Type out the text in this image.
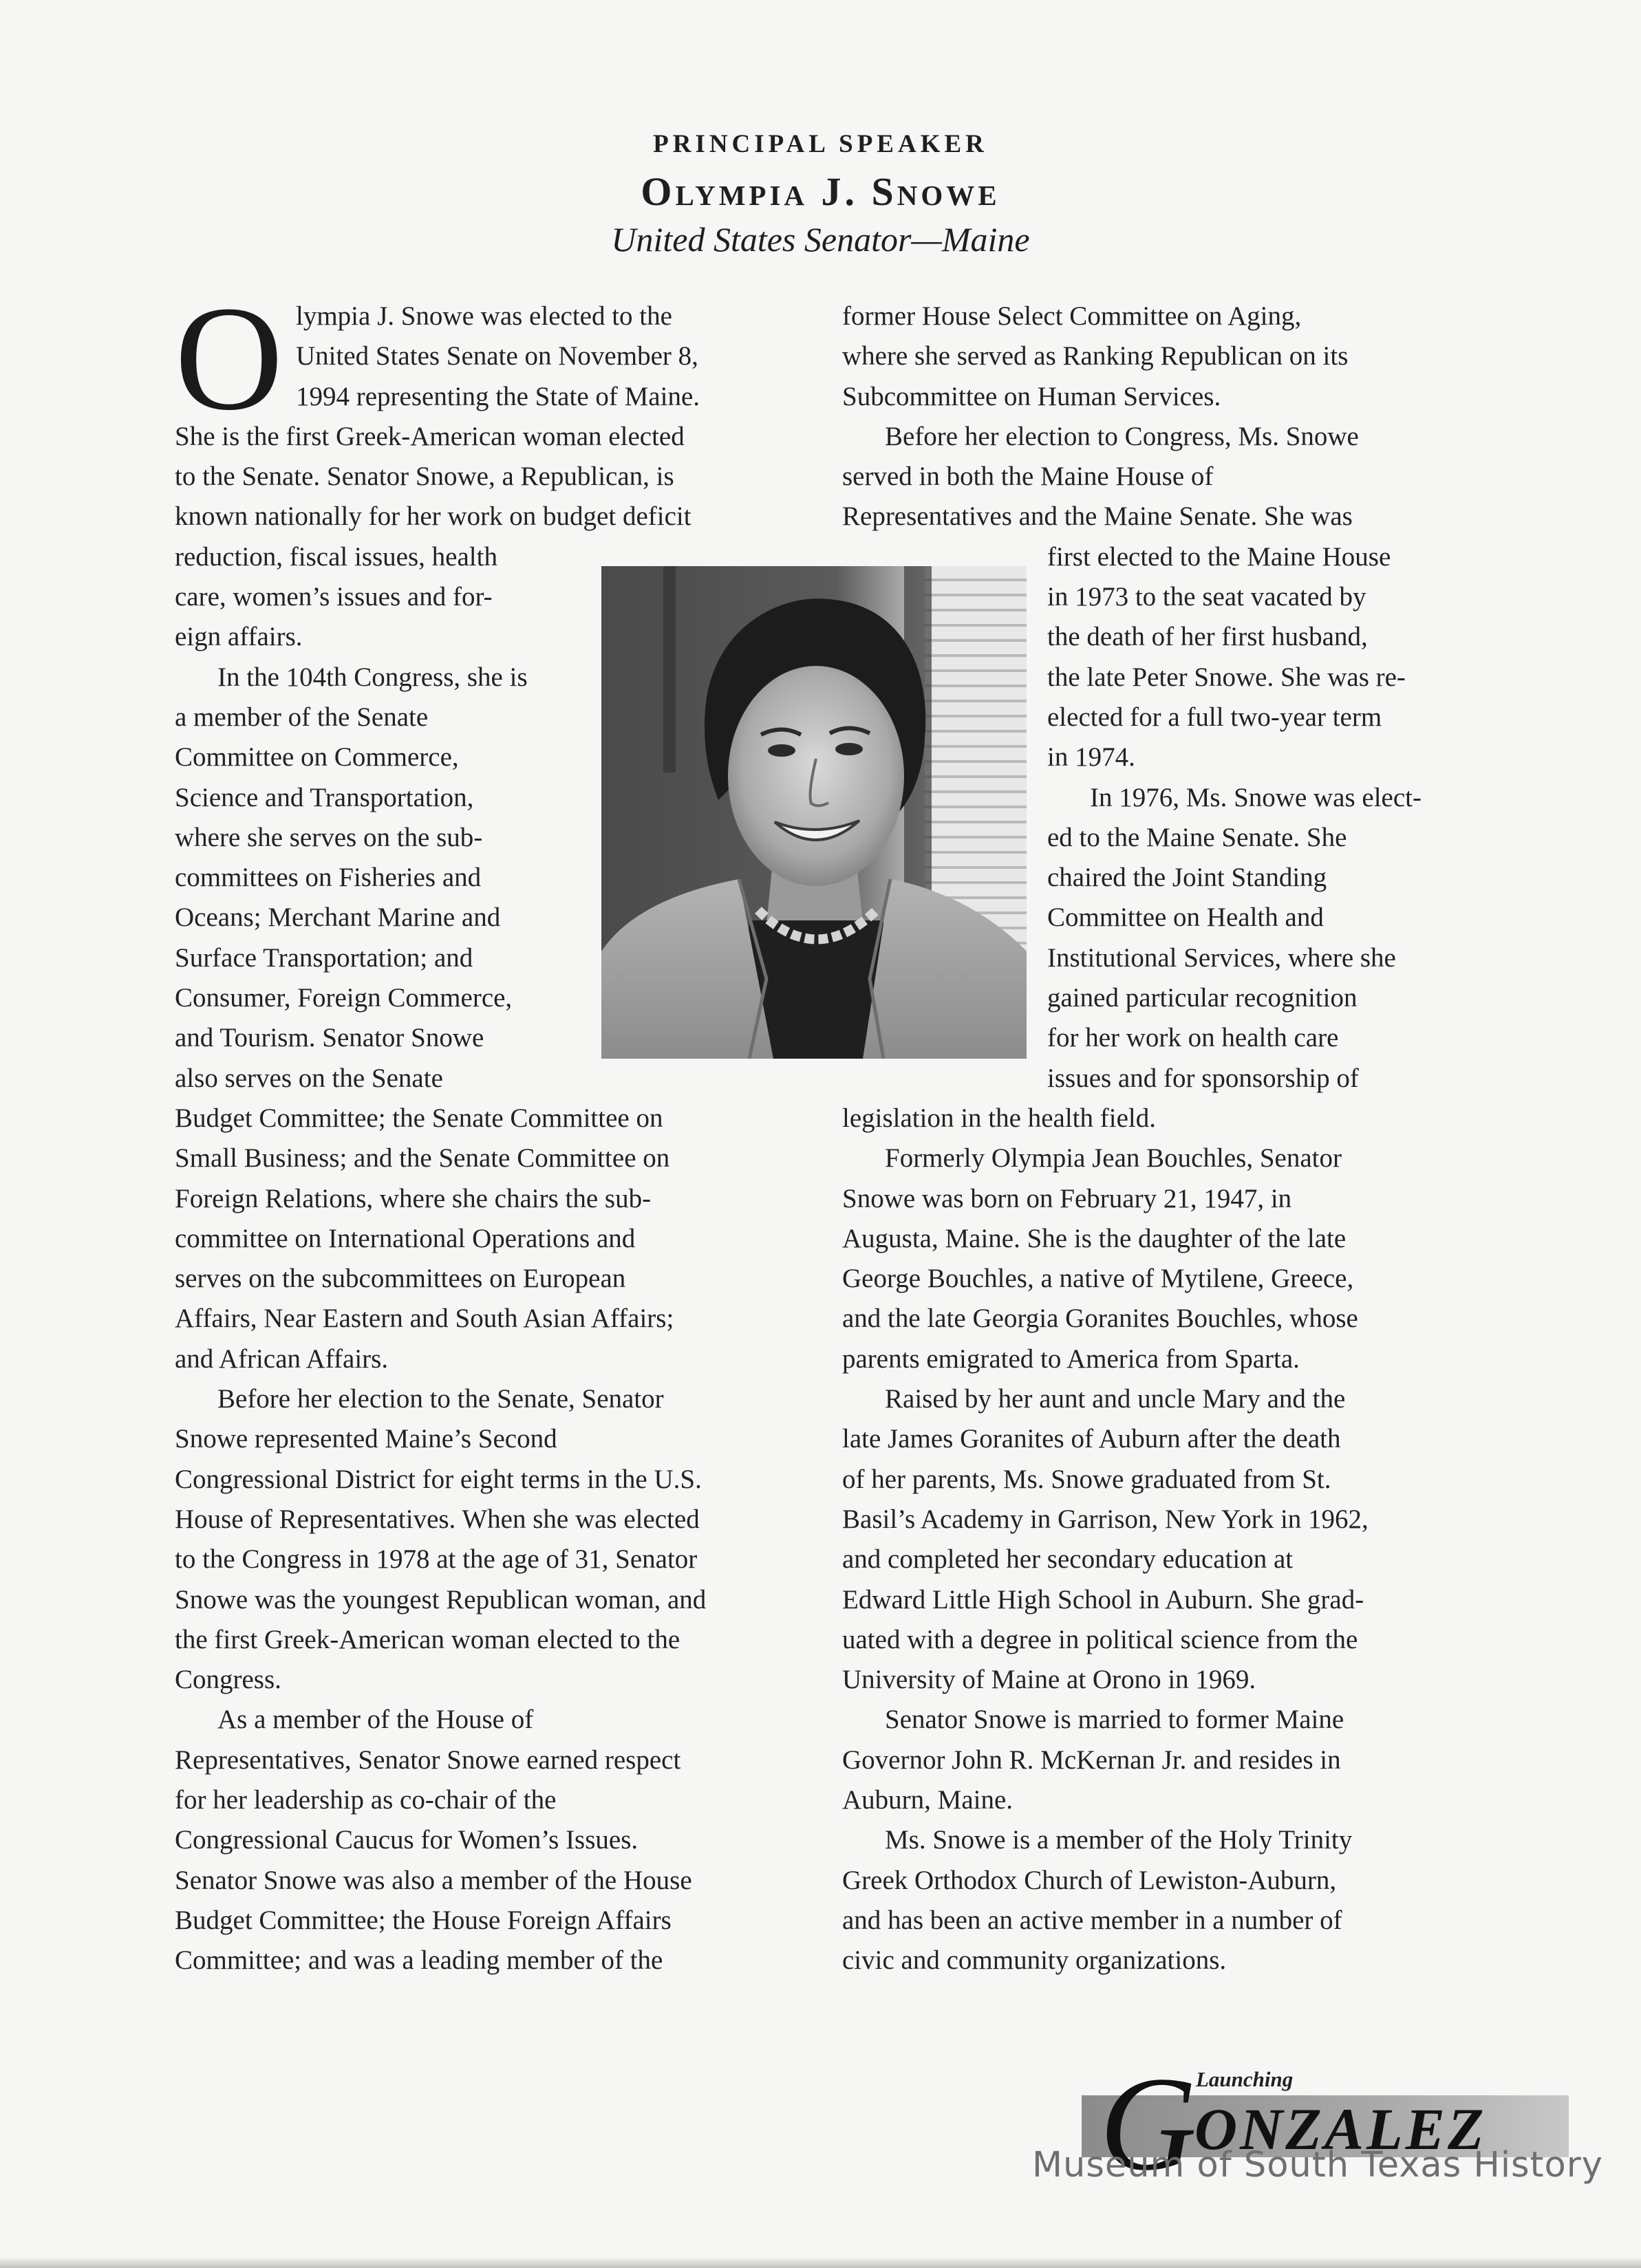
PRINCIPAL SPEAKER
Olympia J. Snowe
United States Senator—Maine
O lympia J. Snowe was elected to the
United States Senate on November 8,
1994 representing the State of Maine.
She is the first Greek-American woman elected
to the Senate. Senator Snowe, a Republican, is
known nationally for her work on budget deficit
reduction, fiscal issues, health
care, women’s issues and for-
eign affairs.
In the 104th Congress, she is
a member of the Senate
Committee on Commerce,
Science and Transportation,
where she serves on the sub-
committees on Fisheries and
Oceans; Merchant Marine and
Surface Transportation; and
Consumer, Foreign Commerce,
and Tourism. Senator Snowe
also serves on the Senate
Budget Committee; the Senate Committee on
Small Business; and the Senate Committee on
Foreign Relations, where she chairs the sub-
committee on International Operations and
serves on the subcommittees on European
Affairs, Near Eastern and South Asian Affairs;
and African Affairs.
Before her election to the Senate, Senator
Snowe represented Maine’s Second
Congressional District for eight terms in the U.S.
House of Representatives. When she was elected
to the Congress in 1978 at the age of 31, Senator
Snowe was the youngest Republican woman, and
the first Greek-American woman elected to the
Congress.
As a member of the House of
Representatives, Senator Snowe earned respect
for her leadership as co-chair of the
Congressional Caucus for Women’s Issues.
Senator Snowe was also a member of the House
Budget Committee; the House Foreign Affairs
Committee; and was a leading member of the
former House Select Committee on Aging,
where she served as Ranking Republican on its
Subcommittee on Human Services.
Before her election to Congress, Ms. Snowe
served in both the Maine House of
Representatives and the Maine Senate. She was
first elected to the Maine House
in 1973 to the seat vacated by
the death of her first husband,
the late Peter Snowe. She was re-
elected for a full two-year term
in 1974.
In 1976, Ms. Snowe was elect-
ed to the Maine Senate. She
chaired the Joint Standing
Committee on Health and
Institutional Services, where she
gained particular recognition
for her work on health care
issues and for sponsorship of
legislation in the health field.
Formerly Olympia Jean Bouchles, Senator
Snowe was born on February 21, 1947, in
Augusta, Maine. She is the daughter of the late
George Bouchles, a native of Mytilene, Greece,
and the late Georgia Goranites Bouchles, whose
parents emigrated to America from Sparta.
Raised by her aunt and uncle Mary and the
late James Goranites of Auburn after the death
of her parents, Ms. Snowe graduated from St.
Basil’s Academy in Garrison, New York in 1962,
and completed her secondary education at
Edward Little High School in Auburn. She grad-
uated with a degree in political science from the
University of Maine at Orono in 1969.
Senator Snowe is married to former Maine
Governor John R. McKernan Jr. and resides in
Auburn, Maine.
Ms. Snowe is a member of the Holy Trinity
Greek Orthodox Church of Lewiston-Auburn,
and has been an active member in a number of
civic and community organizations.
Launching
G
ONZALEZ
Museum of South Texas History
